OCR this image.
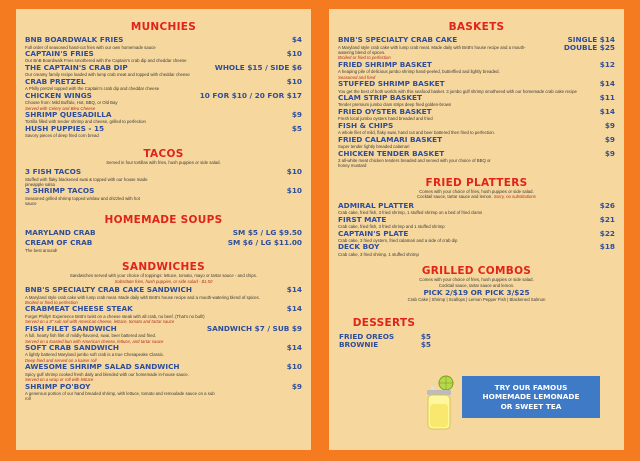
MUNCHIES
BNB BOARDWALK FRIES	$4
Full order of seasoned hand-cut fries with our own homemade sauce
CAPTAIN'S FRIES	$10
Our BnB Boardwalk Fries smothered with the Captain's crab dip and cheddar cheese
THE CAPTAIN'S CRAB DIP	WHOLE $15 / SIDE $6
Our creamy family recipe loaded with lump crab meat and topped with cheddar cheese
CRAB PRETZEL	$10
A Philly pretzel topped with the Captain's crab dip and cheddar cheese
CHICKEN WINGS	10 FOR $10 / 20 FOR $17
Choose from: Mild Buffalo, Hot, BBQ, or Old Bay
Served with Celery and Bleu Cheese
SHRIMP QUESADILLA	$9
Tortilla filled with tender shrimp and cheese, grilled to perfection
HUSH PUPPIES - 15	$5
Savory pieces of deep fried corn bread
TACOS
Served in four tortillas with fries, hush puppies or side salad.
3 FISH TACOS	$10
Stuffed with flaky blackened swai & topped with our house made pineapple salsa
3 SHRIMP TACOS	$10
Seasoned grilled shrimp topped w/slaw and drizzled with hot sauce
HOMEMADE SOUPS
MARYLAND CRAB	SM $5 / LG $9.50
CREAM OF CRAB	SM $6 / LG $11.00
The best around!
SANDWICHES
Sandwiches served with your choice of toppings: lettuce, tomato, mayo or tartar sauce - and chips.
Substitute fries, hush puppies, or side salad - $1.50
BNB'S SPECIALTY CRAB CAKE SANDWICH	$14
A Maryland style crab cake with lump crab meat. Made daily with BnB's house recipe and a mouth-watering blend of spices.
Broiled or fried to perfection
CRABMEAT CHEESE STEAK	$14
Forget Philly!! Experience BnB's twist on a cheese steak with all crab, no beef. (That's no bull!)
Served on a 8" sub roll with American cheese, lettuce, tomato and tartar sauce
FISH FILET SANDWICH	SANDWICH $7 / SUB $9
A full, hearty fish filet of mildly-flavored, swai, beer battered and fried.
Served on a toasted bun with American cheese, lettuce, and tartar sauce
SOFT CRAB SANDWICH	$14
A lightly battered Maryland jumbo soft crab is a true Chesapeake Classic.
Deep fried and served on a kaiser roll
AWESOME SHRIMP SALAD SANDWICH	$10
Spicy gulf shrimp cooked fresh daily and blended with our homemade in-house sauce.
Served on a wrap or roll with lettuce
SHRIMP PO'BOY	$9
A generous portion of our hand breaded shrimp, with lettuce, tomato and remoulade sauce on a sub roll
BASKETS
BNB'S SPECIALTY CRAB CAKE	SINGLE $14
A Maryland style crab cake with lump crab meat. Made daily with BnB's house recipe and a mouth-watering blend of spices.
Broiled or fried to perfection
DOUBLE $25
FRIED SHRIMP BASKET	$12
A heaping pile of delicious jumbo shrimp hand-peeled, butterflied and lightly breaded.
Seasoned and fried
STUFFED SHRIMP BASKET	$14
You get the best of both worlds with this seafood basket. 3 jumbo gulf shrimp smothered with our homemade crab cake recipe
CLAM STRIP BASKET	$11
Tender premium jumbo clam strips deep fried golden-brown
FRIED OYSTER BASKET	$14
Fresh local jumbo oysters hand breaded and fried
FISH & CHIPS	$9
A whole filet of mild, flaky swai, hand cut and beer battered then fried to perfection.
FRIED CALAMARI BASKET	$9
Super tender lightly breaded calamari
CHICKEN TENDER BASKET	$9
3 all-white meat chicken tenders breaded and served with your choice of BBQ or honey mustard
FRIED PLATTERS
Comes with your choice of fries, hush puppies or side salad.
Cocktail sauce, tartar sauce and lemon. Sorry, no substitutions
ADMIRAL PLATTER	$26
Crab cake, fried fish, 3 fried shrimp, 1 stuffed shrimp on a bed of fried clams
FIRST MATE	$21
Crab cake, fried fish, 3 fried shrimp and 1 stuffed shrimp
CAPTAIN'S PLATE	$22
Crab cake, 3 fried oysters, fried calamari and a side of crab dip
DECK BOY	$18
Crab cake, 3 fried shrimp, 1 stuffed shrimp
GRILLED COMBOS
Comes with your choice of fries, hush puppies or side salad.
Cocktail sauce, tartar sauce and lemon.
PICK 2/$19 OR PICK 3/$25
Crab Cake | Shrimp | Scallops | Lemon Pepper Fish | Blackened Salmon
DESSERTS
FRIED OREOS	$5
BROWNIE	$5
TRY OUR FAMOUS
HOMEMADE LEMONADE
OR SWEET TEA
